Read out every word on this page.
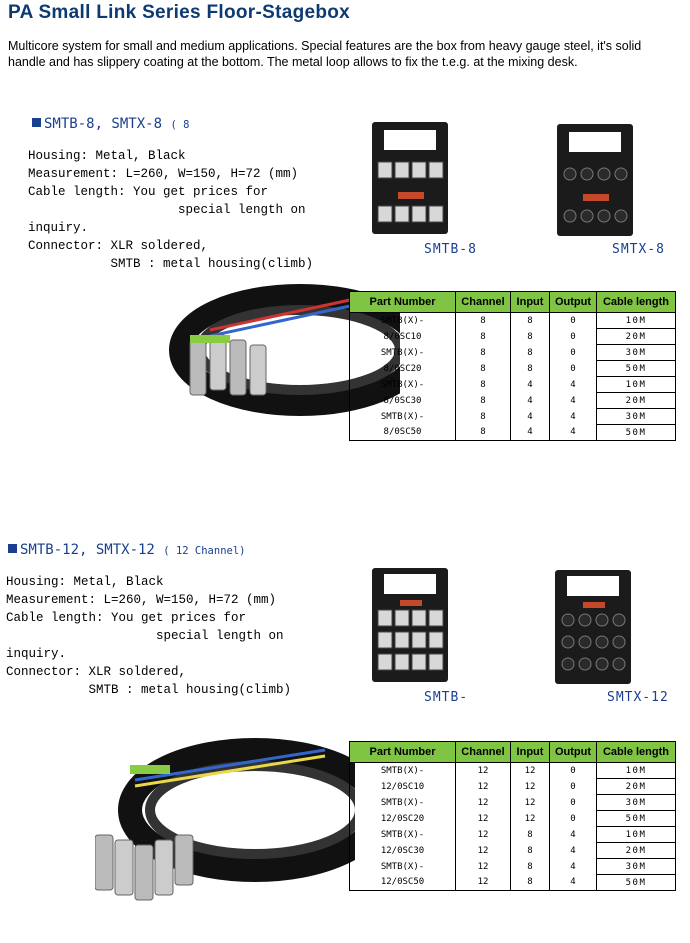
PA Small Link Series Floor-Stagebox
Multicore system for small and medium applications. Special features are the box from heavy gauge steel, it's solid handle and has slippery coating at the bottom. The metal loop allows to fix the t.e.g. at the mixing desk.
SMTB-8, SMTX-8 ( 8
Housing: Metal, Black
Measurement: L=260, W=150, H=72 (mm)
Cable length: You get prices for
special length on
inquiry.
Connector: XLR soldered,
SMTB : metal housing(climb)
SMTB-8	SMTX-8
Part Number	Channel	Input	Output	Cable length
SMTB(X)-	8	8	0	10M
8/0SC10	8	8	0	20M
SMTB(X)-	8	8	0	30M
8/0SC20	8	8	0	50M
SMTB(X)-	8	4	4	10M
8/0SC30	8	4	4	20M
SMTB(X)-	8	4	4	30M
8/0SC50	8	4	4	50M
SMTB-12, SMTX-12 ( 12 Channel)
Housing: Metal, Black
Measurement: L=260, W=150, H=72 (mm)
Cable length: You get prices for
special length on
inquiry.
Connector: XLR soldered,
SMTB : metal housing(climb)	SMTB-	SMTX-12
Part Number	Channel	Input	Output	Cable length
SMTB(X)-	12	12	0	10M
12/0SC10	12	12	0	20M
SMTB(X)-	12	12	0	30M
12/0SC20	12	12	0	50M
SMTB(X)-	12	8	4	10M
12/0SC30	12	8	4	20M
SMTB(X)-	12	8	4	30M
12/0SC50	12	8	4	50M
